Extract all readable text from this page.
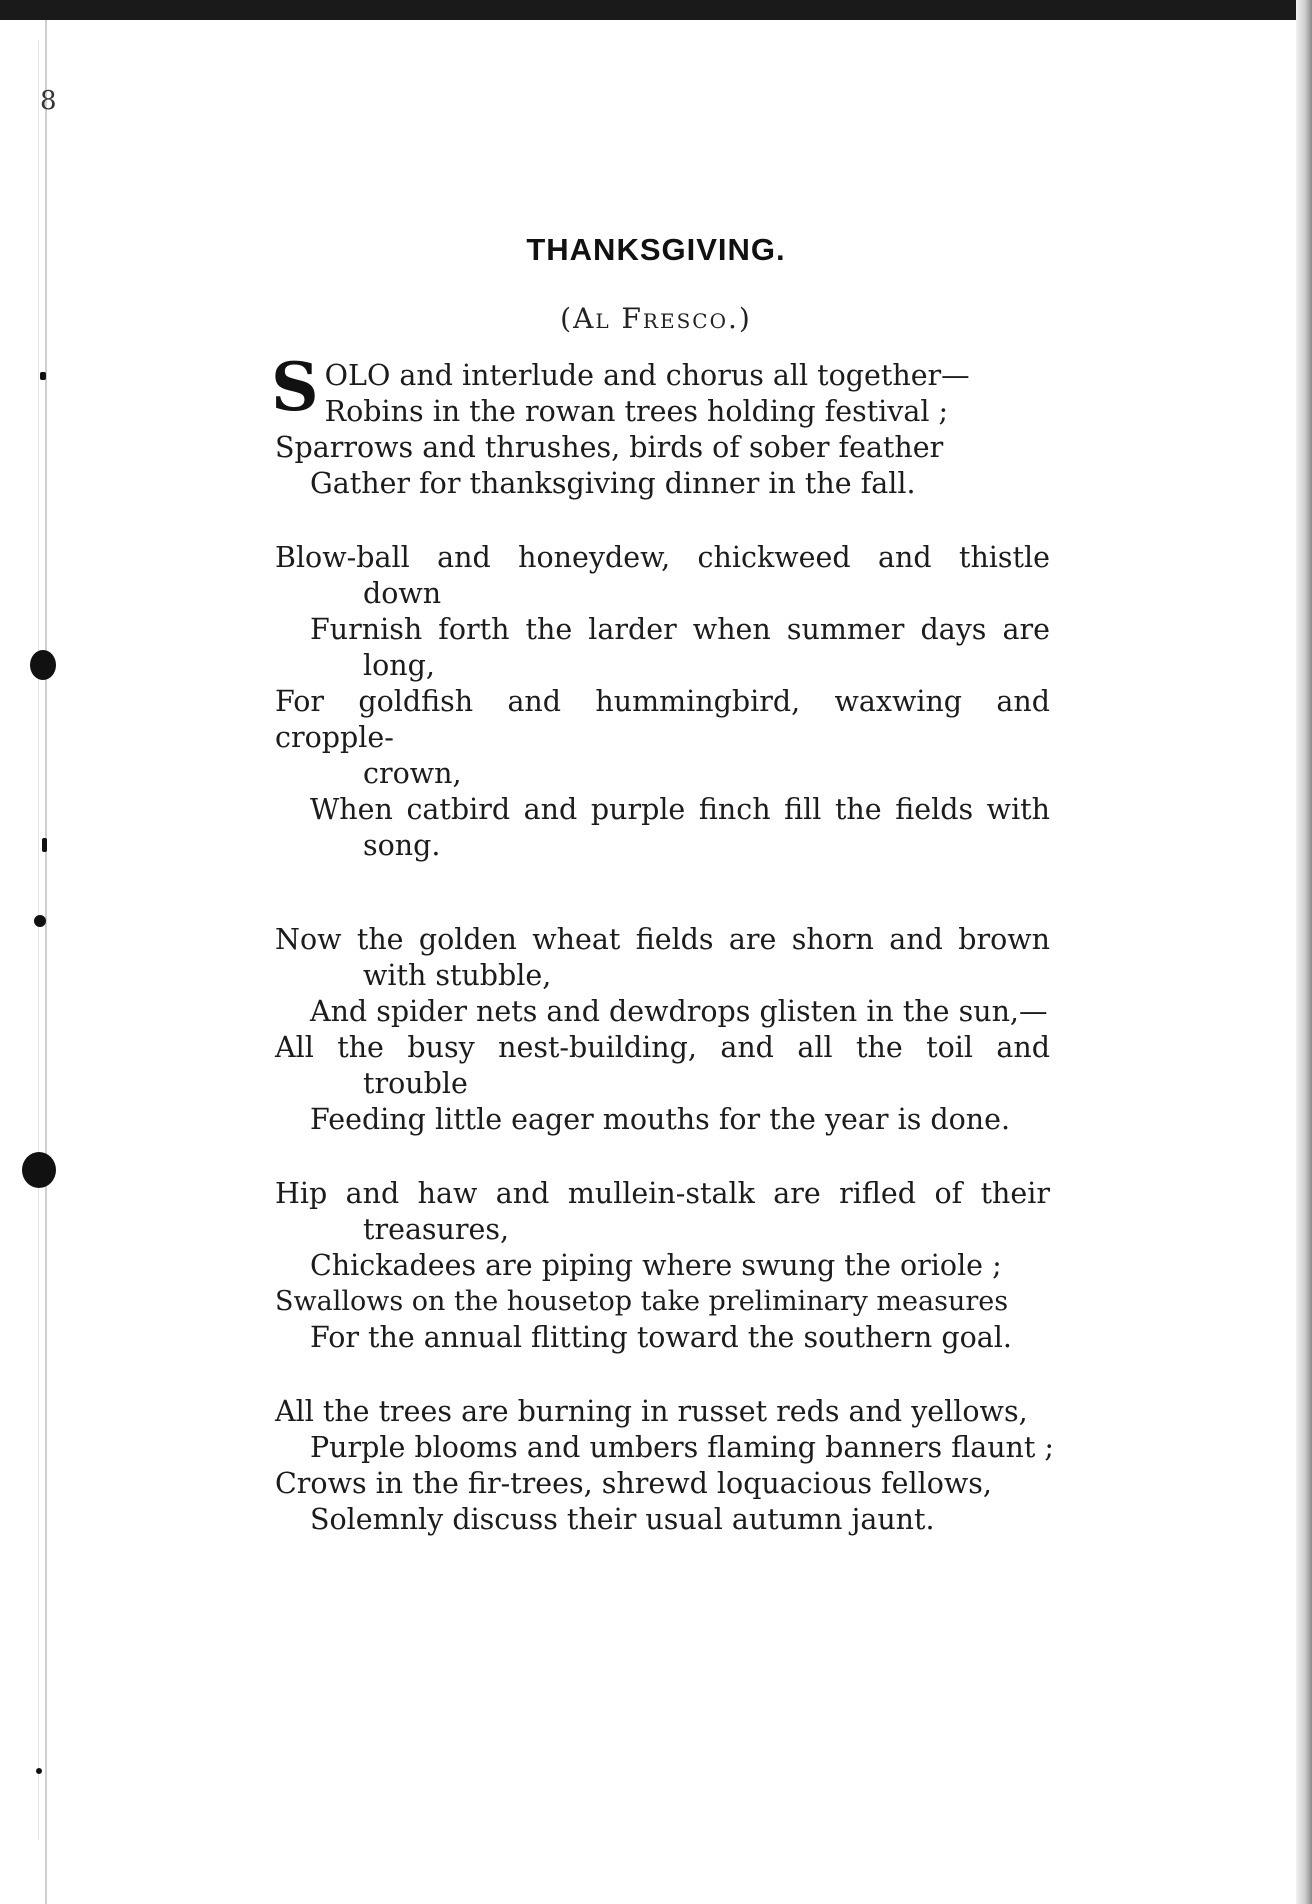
8
THANKSGIVING.
(Al Fresco.)
S OLO and interlude and chorus all together—
Robins in the rowan trees holding festival ;
Sparrows and thrushes, birds of sober feather
Gather for thanksgiving dinner in the fall.
Blow-ball and honeydew, chickweed and thistle
down
Furnish forth the larder when summer days are
long,
For goldfish and hummingbird, waxwing and cropple-
crown,
When catbird and purple finch fill the fields with
song.
Now the golden wheat fields are shorn and brown
with stubble,
And spider nets and dewdrops glisten in the sun,—
All the busy nest-building, and all the toil and
trouble
Feeding little eager mouths for the year is done.
Hip and haw and mullein-stalk are rifled of their
treasures,
Chickadees are piping where swung the oriole ;
Swallows on the housetop take preliminary measures
For the annual flitting toward the southern goal.
All the trees are burning in russet reds and yellows,
Purple blooms and umbers flaming banners flaunt ;
Crows in the fir-trees, shrewd loquacious fellows,
Solemnly discuss their usual autumn jaunt.
